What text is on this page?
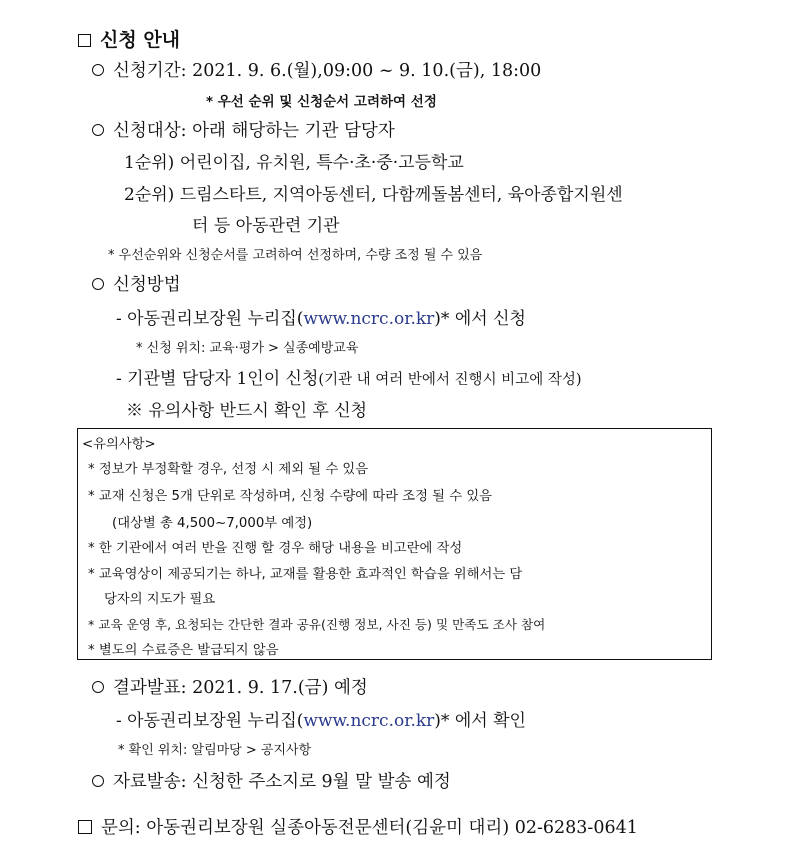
신청 안내
신청기간: 2021. 9. 6.(월),09:00 ~ 9. 10.(금), 18:00
* 우선 순위 및 신청순서 고려하여 선정
신청대상: 아래 해당하는 기관 담당자
1순위) 어린이집, 유치원, 특수·초·중·고등학교
2순위) 드림스타트, 지역아동센터, 다함께돌봄센터, 육아종합지원센
터 등 아동관련 기관
* 우선순위와 신청순서를 고려하여 선정하며, 수량 조정 될 수 있음
신청방법
- 아동권리보장원 누리집(www.ncrc.or.kr)* 에서 신청
* 신청 위치: 교육·평가 > 실종예방교육
- 기관별 담당자 1인이 신청(기관 내 여러 반에서 진행시 비고에 작성)
※ 유의사항 반드시 확인 후 신청
<유의사항>
* 정보가 부정확할 경우, 선정 시 제외 될 수 있음
* 교재 신청은 5개 단위로 작성하며, 신청 수량에 따라 조정 될 수 있음
(대상별 총 4,500~7,000부 예정)
* 한 기관에서 여러 반을 진행 할 경우 해당 내용을 비고란에 작성
* 교육영상이 제공되기는 하나, 교재를 활용한 효과적인 학습을 위해서는 담
당자의 지도가 필요
* 교육 운영 후, 요청되는 간단한 결과 공유(진행 정보, 사진 등) 및 만족도 조사 참여
* 별도의 수료증은 발급되지 않음
결과발표: 2021. 9. 17.(금) 예정
- 아동권리보장원 누리집(www.ncrc.or.kr)* 에서 확인
* 확인 위치: 알림마당 > 공지사항
자료발송: 신청한 주소지로 9월 말 발송 예정
문의: 아동권리보장원 실종아동전문센터(김윤미 대리) 02-6283-0641
